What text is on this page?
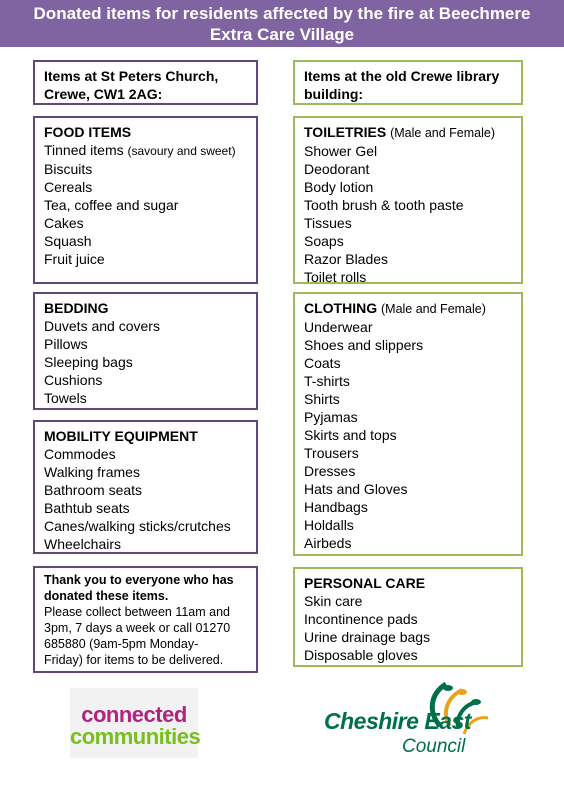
Donated items for residents affected by the fire at Beechmere
Extra Care Village
Items at St Peters Church,
Crewe, CW1 2AG:
FOOD ITEMS
Tinned items (savoury and sweet)
Biscuits
Cereals
Tea, coffee and sugar
Cakes
Squash
Fruit juice
BEDDING
Duvets and covers
Pillows
Sleeping bags
Cushions
Towels
MOBILITY EQUIPMENT
Commodes
Walking frames
Bathroom seats
Bathtub seats
Canes/walking sticks/crutches
Wheelchairs
Thank you to everyone who has
donated these items.
Please collect between 11am and
3pm, 7 days a week or call 01270
685880 (9am-5pm Monday-
Friday) for items to be delivered.
Items at the old Crewe library
building:
TOILETRIES (Male and Female)
Shower Gel
Deodorant
Body lotion
Tooth brush & tooth paste
Tissues
Soaps
Razor Blades
Toilet rolls
CLOTHING (Male and Female)
Underwear
Shoes and slippers
Coats
T-shirts
Shirts
Pyjamas
Skirts and tops
Trousers
Dresses
Hats and Gloves
Handbags
Holdalls
Airbeds
PERSONAL CARE
Skin care
Incontinence pads
Urine drainage bags
Disposable gloves
connected
communities
Cheshire East
Council
